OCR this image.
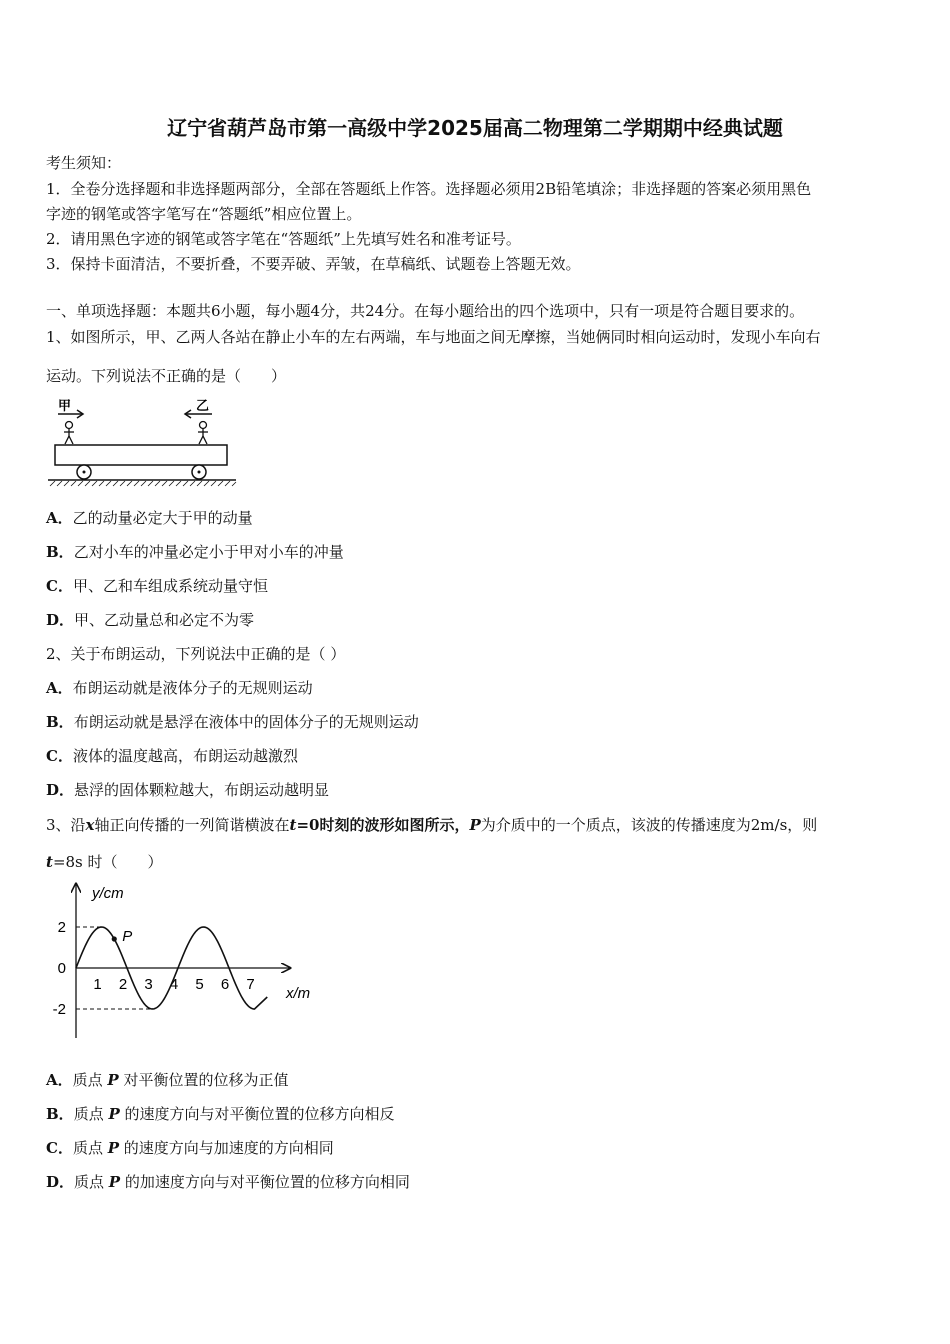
辽宁省葫芦岛市第一高级中学2025届高二物理第二学期期中经典试题
考生须知：
1．全卷分选择题和非选择题两部分，全部在答题纸上作答。选择题必须用2B铅笔填涂；非选择题的答案必须用黑色
字迹的钢笔或答字笔写在“答题纸”相应位置上。
2．请用黑色字迹的钢笔或答字笔在“答题纸”上先填写姓名和准考证号。
3．保持卡面清洁，不要折叠，不要弄破、弄皱，在草稿纸、试题卷上答题无效。
一、单项选择题：本题共6小题，每小题4分，共24分。在每小题给出的四个选项中，只有一项是符合题目要求的。
1、如图所示，甲、乙两人各站在静止小车的左右两端，车与地面之间无摩擦，当她俩同时相向运动时，发现小车向右
运动。下列说法不正确的是（　　）
甲	乙
A．乙的动量必定大于甲的动量
B．乙对小车的冲量必定小于甲对小车的冲量
C．甲、乙和车组成系统动量守恒
D．甲、乙动量总和必定不为零
2、关于布朗运动，下列说法中正确的是（ ）
A．布朗运动就是液体分子的无规则运动
B．布朗运动就是悬浮在液体中的固体分子的无规则运动
C．液体的温度越高，布朗运动越激烈
D．悬浮的固体颗粒越大，布朗运动越明显
3、沿x轴正向传播的一列简谐横波在t=0时刻的波形如图所示，P为介质中的一个质点，该波的传播速度为2m/s，则
t=8s 时（　　）
y/cm
x/m
2
0
-2
1 2 3 4 5 6 7
P
A．质点 P 对平衡位置的位移为正值
B．质点 P 的速度方向与对平衡位置的位移方向相反
C．质点 P 的速度方向与加速度的方向相同
D．质点 P 的加速度方向与对平衡位置的位移方向相同
